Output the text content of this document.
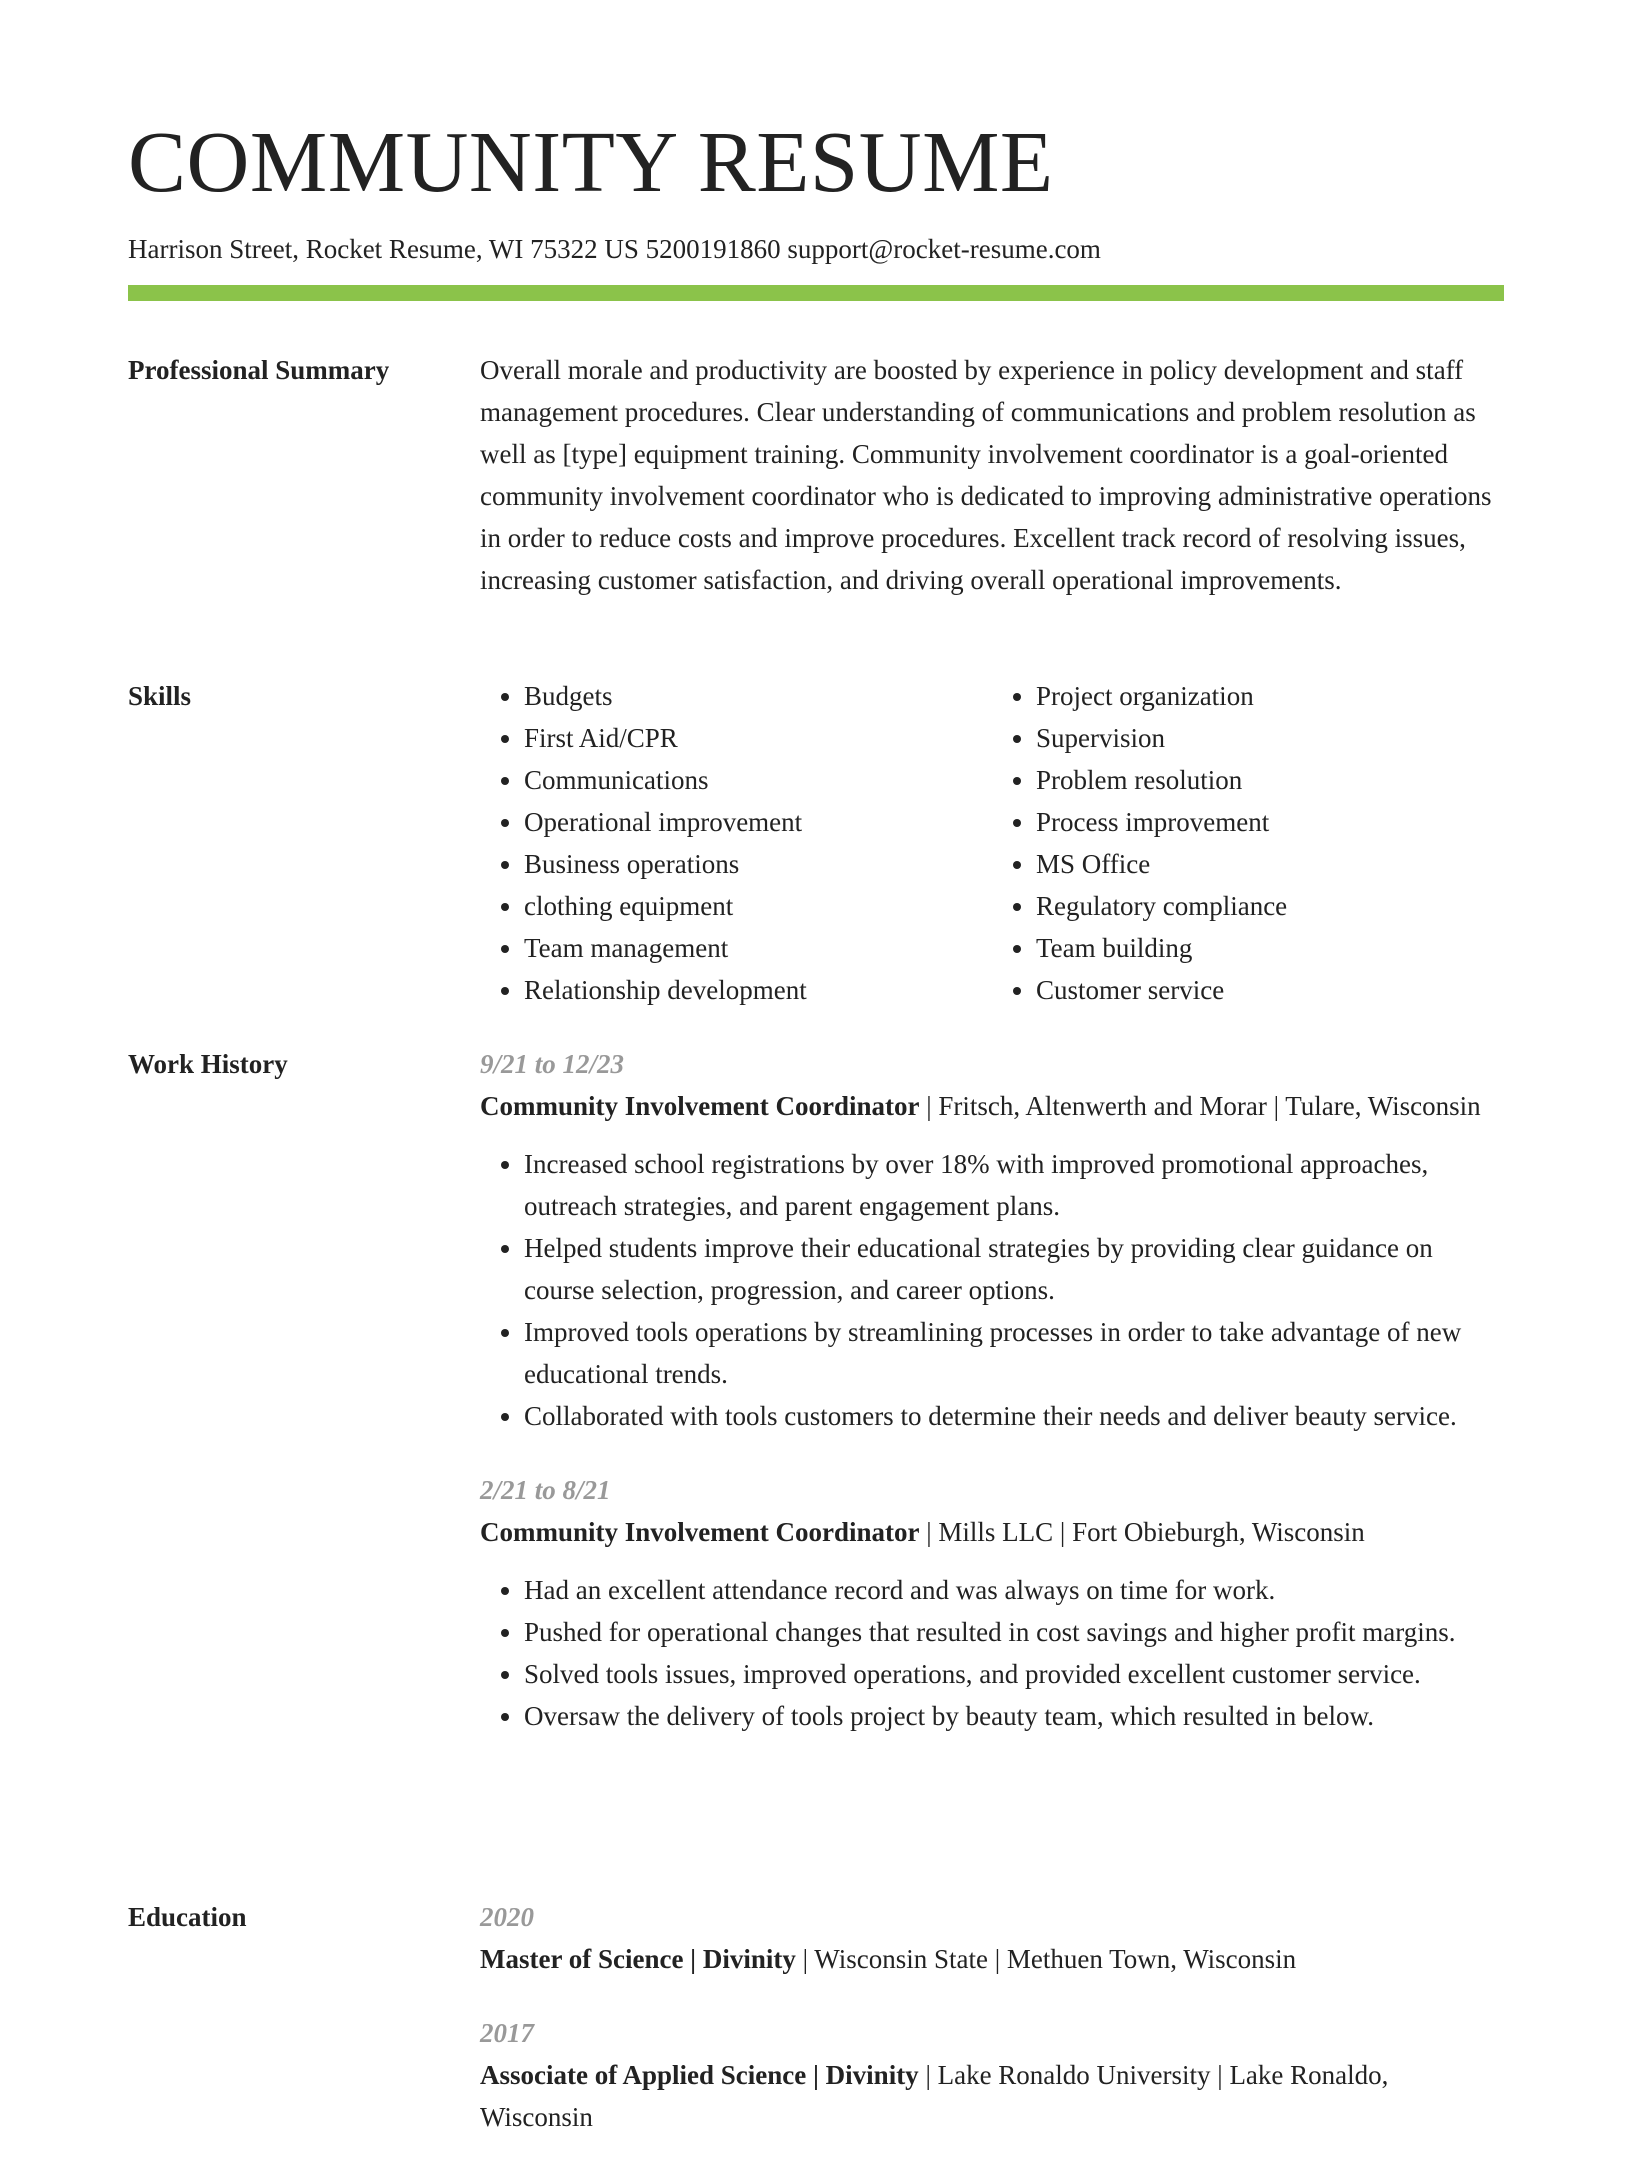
COMMUNITY RESUME
Harrison Street, Rocket Resume, WI 75322 US 5200191860 support@rocket-resume.com
Professional Summary	Overall morale and productivity are boosted by experience in policy development and staff management procedures. Clear understanding of communications and problem resolution as well as [type] equipment training. Community involvement coordinator is a goal-oriented community involvement coordinator who is dedicated to improving administrative operations in order to reduce costs and improve procedures. Excellent track record of resolving issues, increasing customer satisfaction, and driving overall operational improvements.

Skills
•	Budgets
• First Aid/CPR
• Communications
• Operational improvement
• Business operations
• clothing equipment
• Team management
• Relationship development
• Project organization
• Supervision
• Problem resolution
• Process improvement
• MS Office
• Regulatory compliance
• Team building
• Customer service
Work History	9/21 to 12/23
Community Involvement Coordinator | Fritsch, Altenwerth and Morar | Tulare, Wisconsin
• Increased school registrations by over 18% with improved promotional approaches, outreach strategies, and parent engagement plans.
• Helped students improve their educational strategies by providing clear guidance on course selection, progression, and career options.
• Improved tools operations by streamlining processes in order to take advantage of new educational trends.
• Collaborated with tools customers to determine their needs and deliver beauty service.
2/21 to 8/21
Community Involvement Coordinator | Mills LLC | Fort Obieburgh, Wisconsin
• Had an excellent attendance record and was always on time for work.
• Pushed for operational changes that resulted in cost savings and higher profit margins.
• Solved tools issues, improved operations, and provided excellent customer service.
• Oversaw the delivery of tools project by beauty team, which resulted in below.
Education	2020
Master of Science | Divinity | Wisconsin State | Methuen Town, Wisconsin
2017
Associate of Applied Science | Divinity | Lake Ronaldo University | Lake Ronaldo, Wisconsin
